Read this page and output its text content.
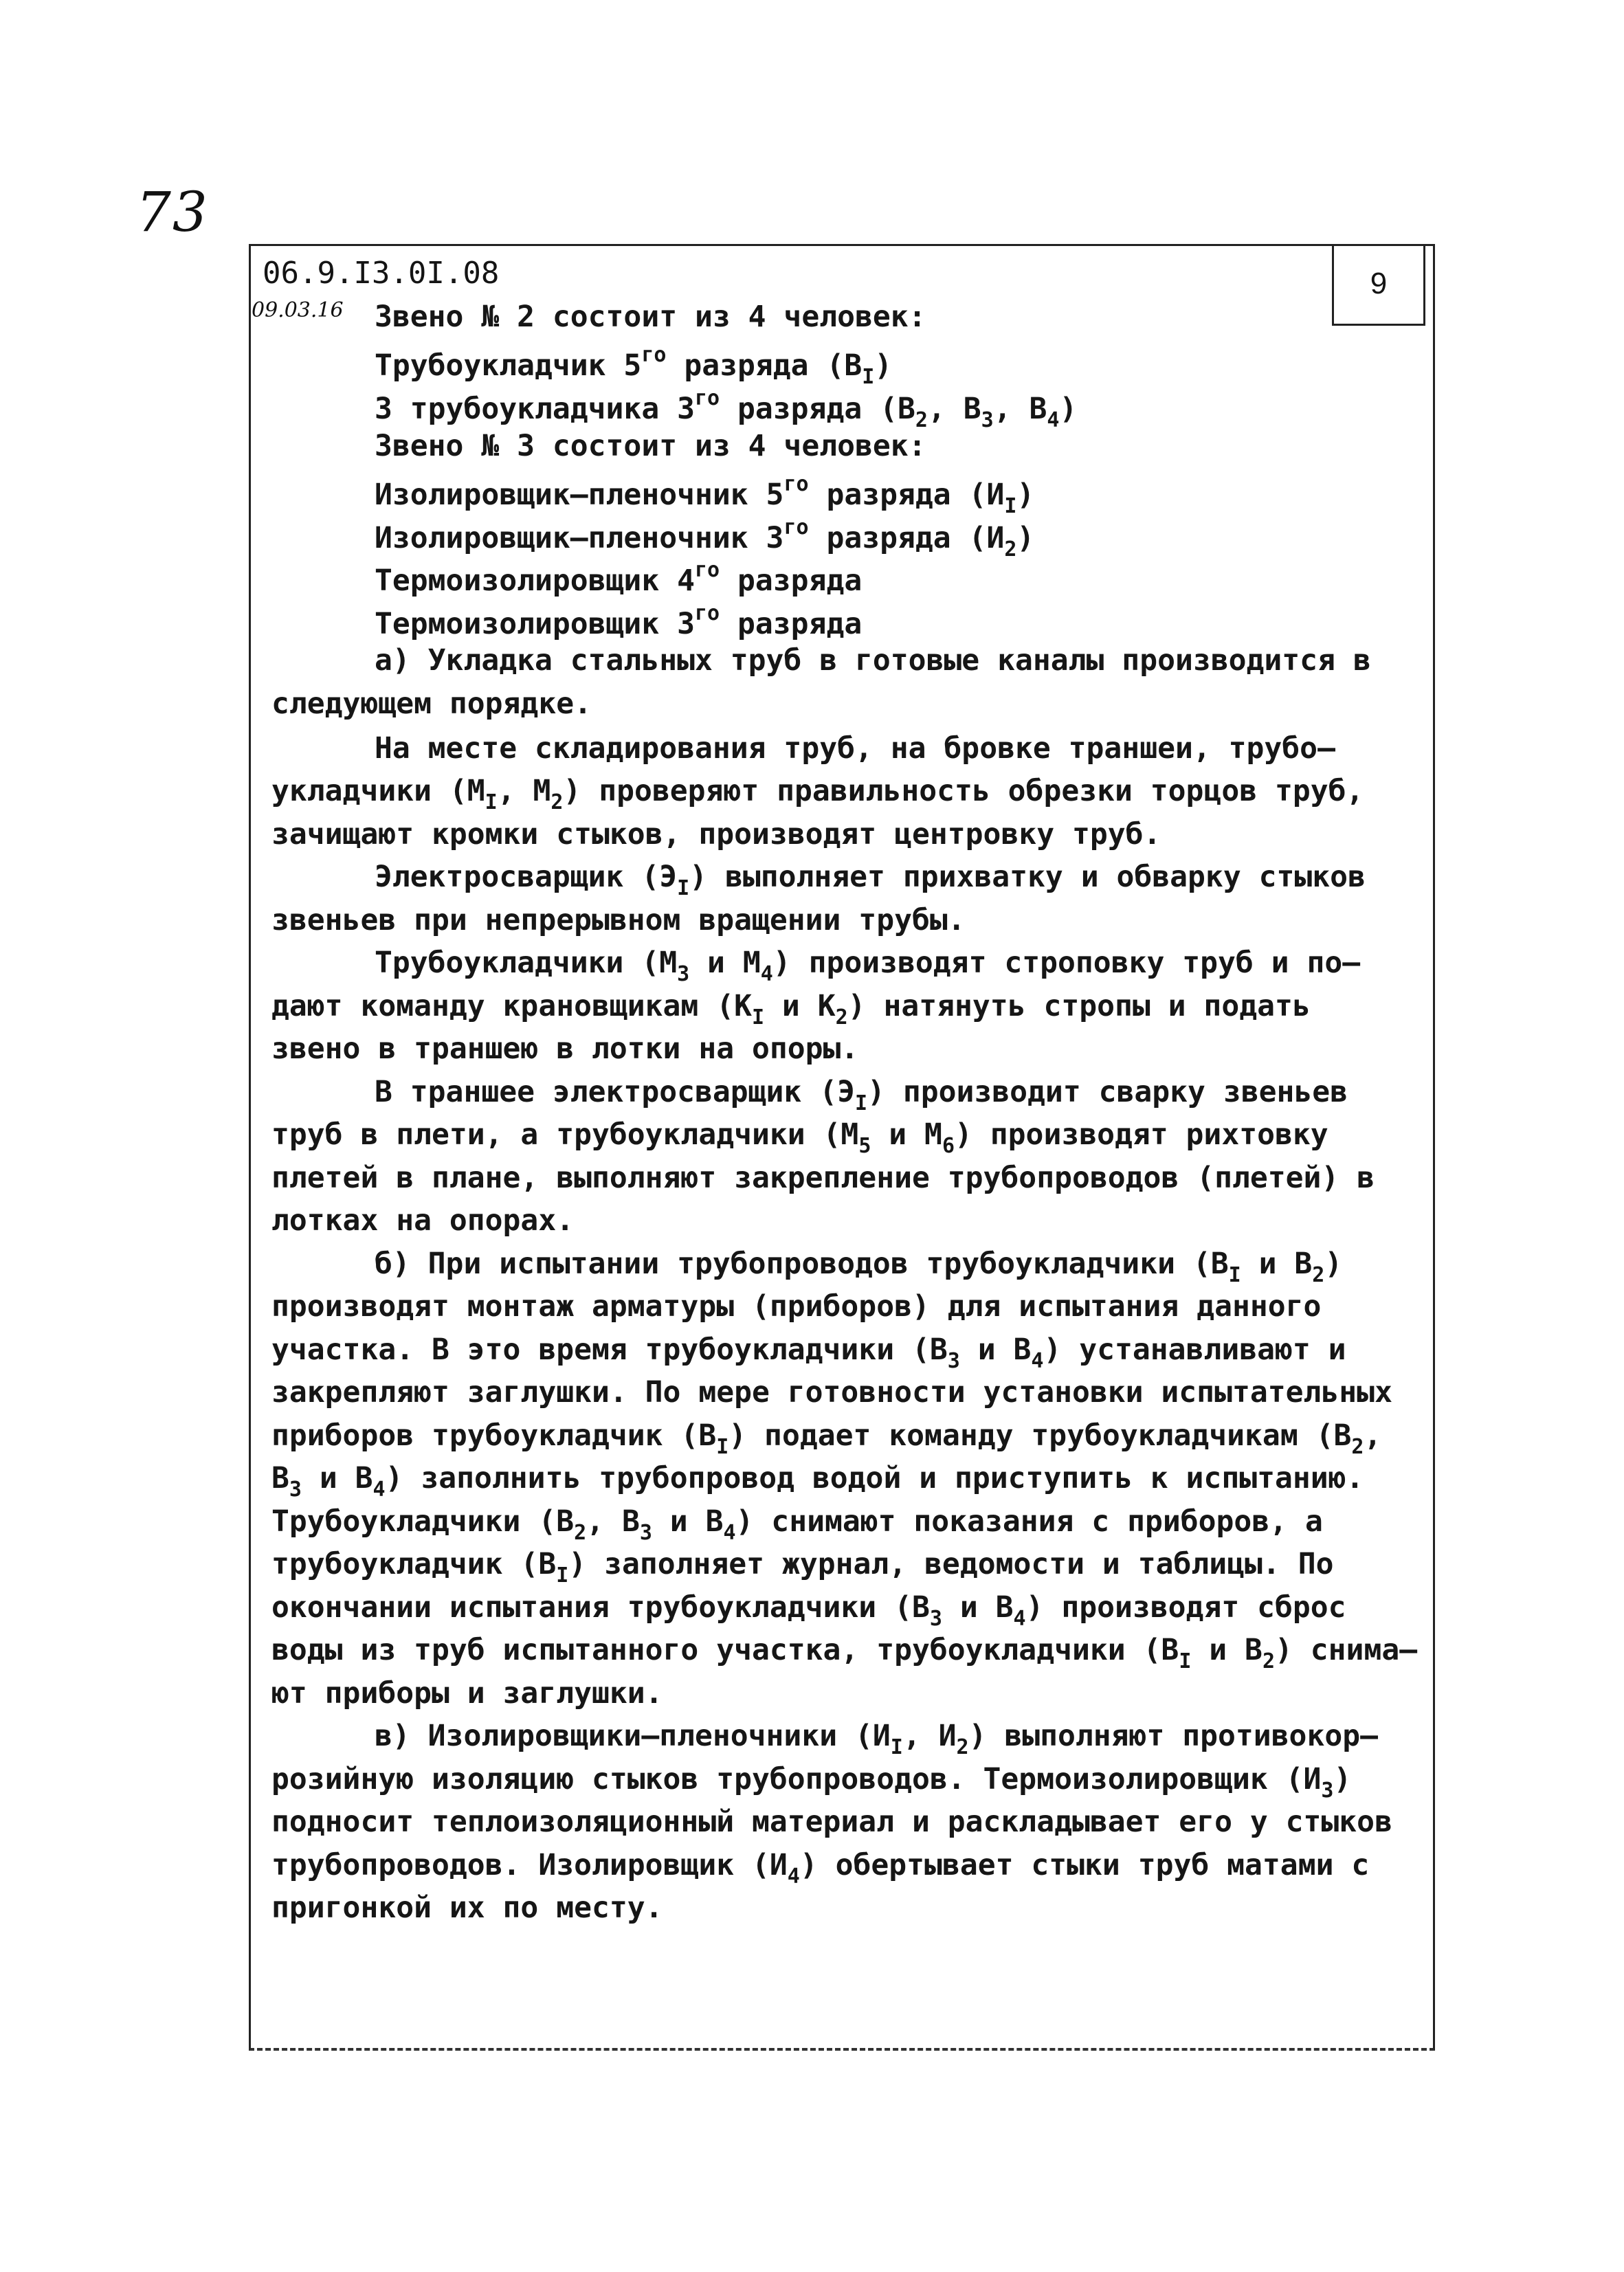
73
06.9.I3.0I.08	9
09.03.16 Звено № 2 состоит из 4 человек:
Трубоукладчик $5^{го}$ разряда $(В_I)$
3 трубоукладчика $3^{го}$ разряда ($В_2$, $В_3$, $В_4$)
Звено № 3 состоит из 4 человек:
Изолировщик–пленочник $5^{го}$ разряда $(И_I)$
Изолировщик–пленочник $3^{го}$ разряда $(И_2)$
Термоизолировщик $4^{го}$ разряда
Термоизолировщик $3^{го}$ разряда
а) Укладка стальных труб в готовые каналы производится в
следующем порядке.
На месте складирования труб, на бровке траншеи, трубо–
укладчики ($М_I$, $М_2$) проверяют правильность обрезки торцов труб,
зачищают кромки стыков, производят центровку труб.
Электросварщик $(Э_I)$ выполняет прихватку и обварку стыков
звеньев при непрерывном вращении трубы.
Трубоукладчики ($М_3$ и $М_4$) производят строповку труб и по–
дают команду крановщикам ($К_I$ и $К_2$) натянуть стропы и подать
звено в траншею в лотки на опоры.
В траншее электросварщик $(Э_I)$ производит сварку звеньев
труб в плети, а трубоукладчики ($М_5$ и $М_6$) производят рихтовку
плетей в плане, выполняют закрепление трубопроводов (плетей) в
лотках на опорах.
б) При испытании трубопроводов трубоукладчики ($В_I$ и $В_2$)
производят монтаж арматуры (приборов) для испытания данного
участка. В это время трубоукладчики ($В_3$ и $В_4$) устанавливают и
закрепляют заглушки. По мере готовности установки испытательных
приборов трубоукладчик $(В_I)$ подает команду трубоукладчикам ($В_2$,
$В_3$ и $В_4$) заполнить трубопровод водой и приступить к испытанию.
Трубоукладчики ($В_2$, $В_3$ и $В_4$) снимают показания с приборов, а
трубоукладчик $(В_I)$ заполняет журнал, ведомости и таблицы. По
окончании испытания трубоукладчики ($В_3$ и $В_4$) производят сброс
воды из труб испытанного участка, трубоукладчики ($В_I$ и $В_2$) снима–
ют приборы и заглушки.
в) Изолировщики–пленочники ($И_I$, $И_2$) выполняют противокор–
розийную изоляцию стыков трубопроводов. Термоизолировщик $(И_3)$
подносит теплоизоляционный материал и раскладывает его у стыков
трубопроводов. Изолировщик $(И_4)$ обертывает стыки труб матами с
пригонкой их по месту.
